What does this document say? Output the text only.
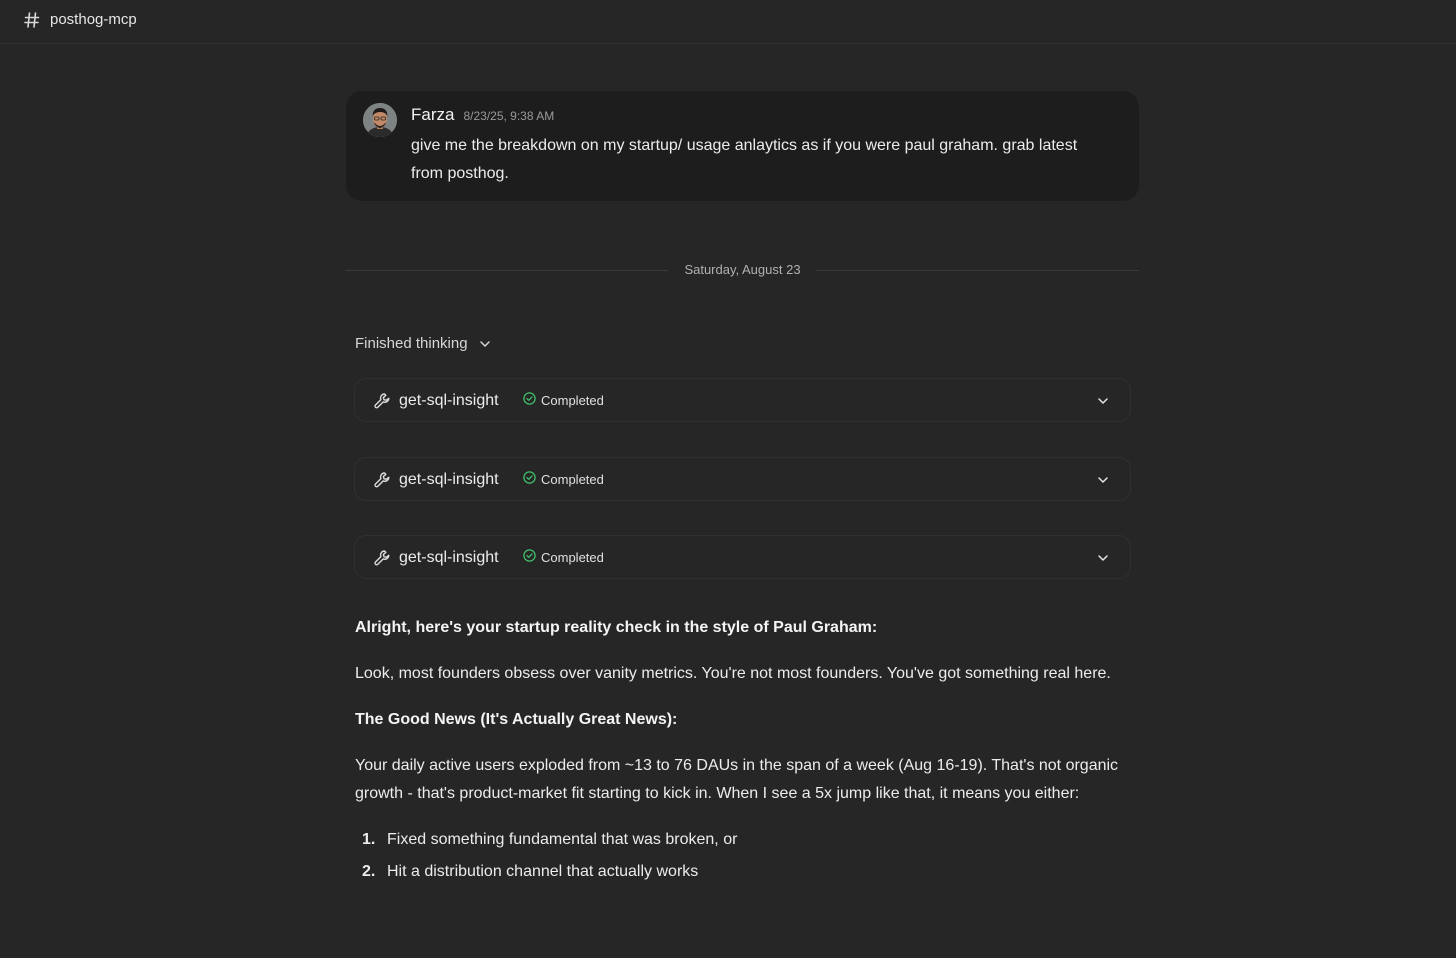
posthog-mcp
Farza 8/23/25, 9:38 AM
give me the breakdown on my startup/ usage anlaytics as if you were paul graham. grab latest from posthog.
Saturday, August 23
Finished thinking
get-sql-insight	Completed
get-sql-insight	Completed
get-sql-insight	Completed

Alright, here's your startup reality check in the style of Paul Graham:

Look, most founders obsess over vanity metrics. You're not most founders. You've got something real here.

The Good News (It's Actually Great News):

Your daily active users exploded from ~13 to 76 DAUs in the span of a week (Aug 16-19). That's not organic growth - that's product-market fit starting to kick in. When I see a 5x jump like that, it means you either:

1. Fixed something fundamental that was broken, or
2. Hit a distribution channel that actually works
